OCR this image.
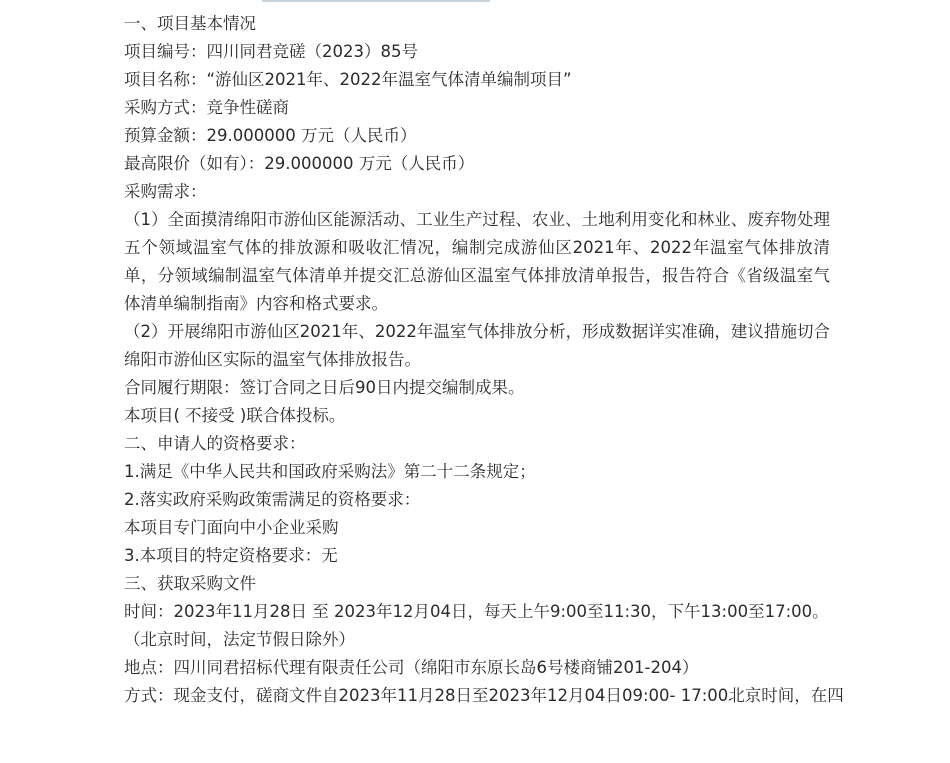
一、项目基本情况
项目编号：四川同君竞磋（2023）85号
项目名称：“游仙区2021年、2022年温室气体清单编制项目”
采购方式：竞争性磋商
预算金额：29.000000 万元（人民币）
最高限价（如有）：29.000000 万元（人民币）
采购需求：
（1）全面摸清绵阳市游仙区能源活动、工业生产过程、农业、土地利用变化和林业、废弃物处理五个领域温室气体的排放源和吸收汇情况，编制完成游仙区2021年、2022年温室气体排放清单，分领域编制温室气体清单并提交汇总游仙区温室气体排放清单报告，报告符合《省级温室气体清单编制指南》内容和格式要求。
（2）开展绵阳市游仙区2021年、2022年温室气体排放分析，形成数据详实准确，建议措施切合绵阳市游仙区实际的温室气体排放报告。
合同履行期限：签订合同之日后90日内提交编制成果。
本项目( 不接受 )联合体投标。
二、申请人的资格要求：
1.满足《中华人民共和国政府采购法》第二十二条规定；
2.落实政府采购政策需满足的资格要求：
本项目专门面向中小企业采购
3.本项目的特定资格要求：无
三、获取采购文件
时间：2023年11月28日 至 2023年12月04日，每天上午9:00至11:30，下午13:00至17:00。
（北京时间，法定节假日除外）
地点：四川同君招标代理有限责任公司（绵阳市东原长岛6号楼商铺201-204）
方式：现金支付，磋商文件自2023年11月28日至2023年12月04日09:00- 17:00北京时间，在四
